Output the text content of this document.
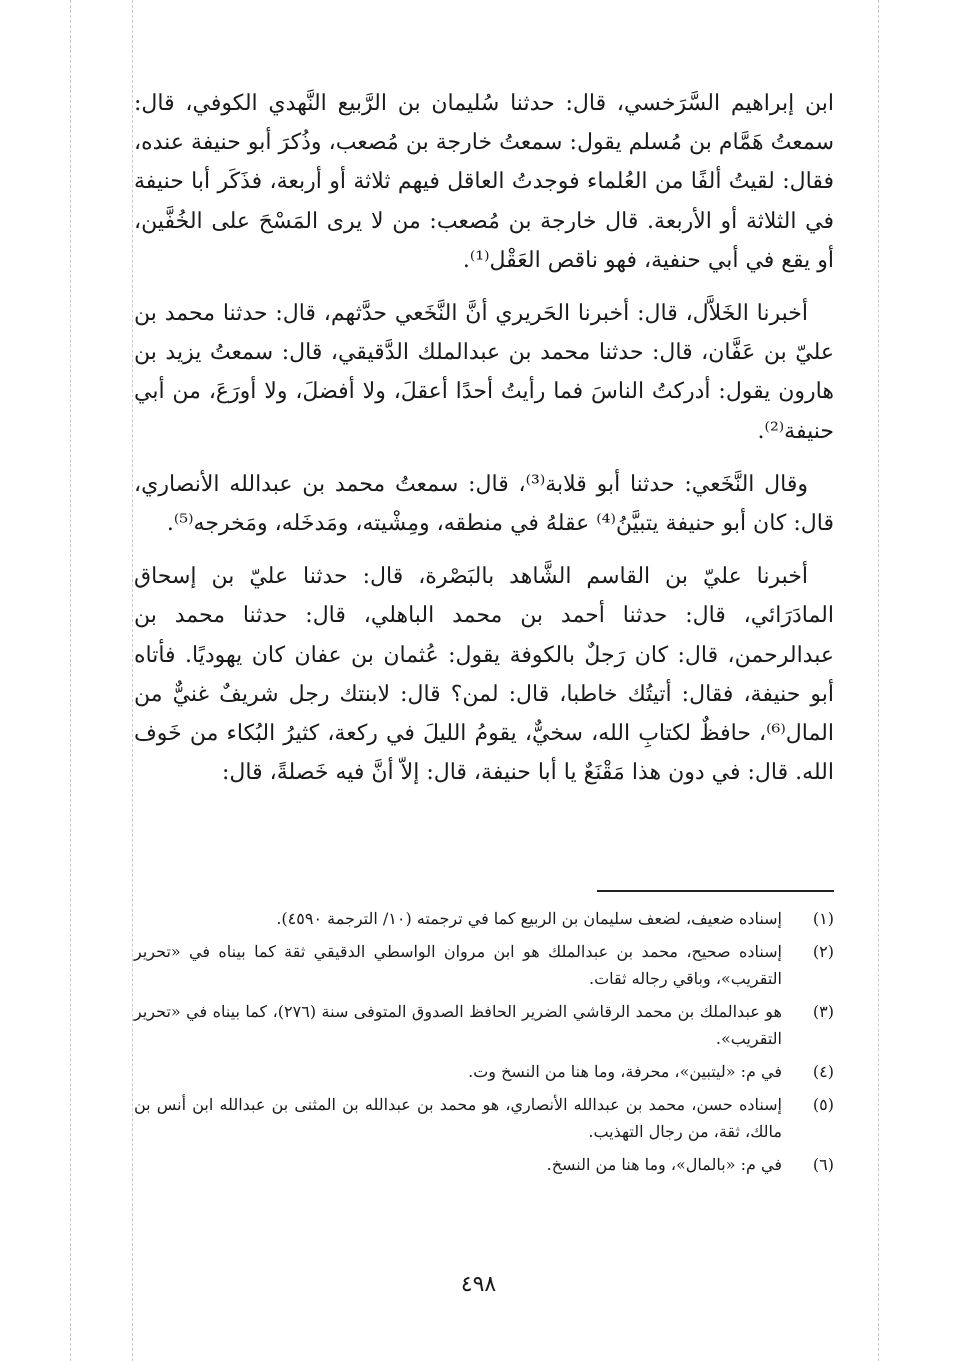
ابن إبراهيم السَّرَخسي، قال: حدثنا سُليمان بن الرَّبيع النَّهدي الكوفي، قال: سمعتُ هَمَّام بن مُسلم يقول: سمعتُ خارجة بن مُصعب، وذُكرَ أبو حنيفة عنده، فقال: لقيتُ ألفًا من العُلماء فوجدتُ العاقل فيهم ثلاثة أو أربعة، فذَكَر أبا حنيفة في الثلاثة أو الأربعة. قال خارجة بن مُصعب: من لا يرى المَسْحَ على الخُفَّين، أو يقع في أبي حنفية، فهو ناقص العَقْل⁽¹⁾.

أخبرنا الخَلاَّل، قال: أخبرنا الحَريري أنَّ النَّخَعي حدَّثهم، قال: حدثنا محمد بن عليّ بن عَفَّان، قال: حدثنا محمد بن عبدالملك الدَّقيقي، قال: سمعتُ يزيد بن هارون يقول: أدركتُ الناسَ فما رأيتُ أحدًا أعقلَ، ولا أفضلَ، ولا أورَعَ، من أبي حنيفة⁽²⁾.

وقال النَّخَعي: حدثنا أبو قلابة⁽³⁾، قال: سمعتُ محمد بن عبدالله الأنصاري، قال: كان أبو حنيفة يتبيَّنُ⁽⁴⁾ عقلهُ في منطقه، ومِشْيته، ومَدخَله، ومَخرجه⁽⁵⁾.

أخبرنا عليّ بن القاسم الشَّاهد بالبَصْرة، قال: حدثنا عليّ بن إسحاق المادَرَائي، قال: حدثنا أحمد بن محمد الباهلي، قال: حدثنا محمد بن عبدالرحمن، قال: كان رَجلٌ بالكوفة يقول: عُثمان بن عفان كان يهوديًا. فأتاه أبو حنيفة، فقال: أتيتُك خاطبا، قال: لمن؟ قال: لابنتك رجل شريفٌ غنيٌّ من المال⁽⁶⁾، حافظٌ لكتابِ الله، سخيٌّ، يقومُ الليلَ في ركعة، كثيرُ البُكاء من خَوف الله. قال: في دون هذا مَقْنَعٌ يا أبا حنيفة، قال: إلاّ أنَّ فيه خَصلةً، قال:

(١)
إسناده ضعيف، لضعف سليمان بن الربيع كما في ترجمته (١٠/ الترجمة ٤٥٩٠).
(٢)
إسناده صحيح، محمد بن عبدالملك هو ابن مروان الواسطي الدقيقي ثقة كما بيناه في «تحرير التقريب»، وباقي رجاله ثقات.
(٣)
هو عبدالملك بن محمد الرقاشي الضرير الحافظ الصدوق المتوفى سنة (٢٧٦)، كما بيناه في «تحرير التقريب».
(٤)
في م: «ليتبين»، محرفة، وما هنا من النسخ وت.
(٥)
إسناده حسن، محمد بن عبدالله الأنصاري، هو محمد بن عبدالله بن المثنى بن عبدالله ابن أنس بن مالك، ثقة، من رجال التهذيب.
(٦)
في م: «بالمال»، وما هنا من النسخ.
٤٩٨
